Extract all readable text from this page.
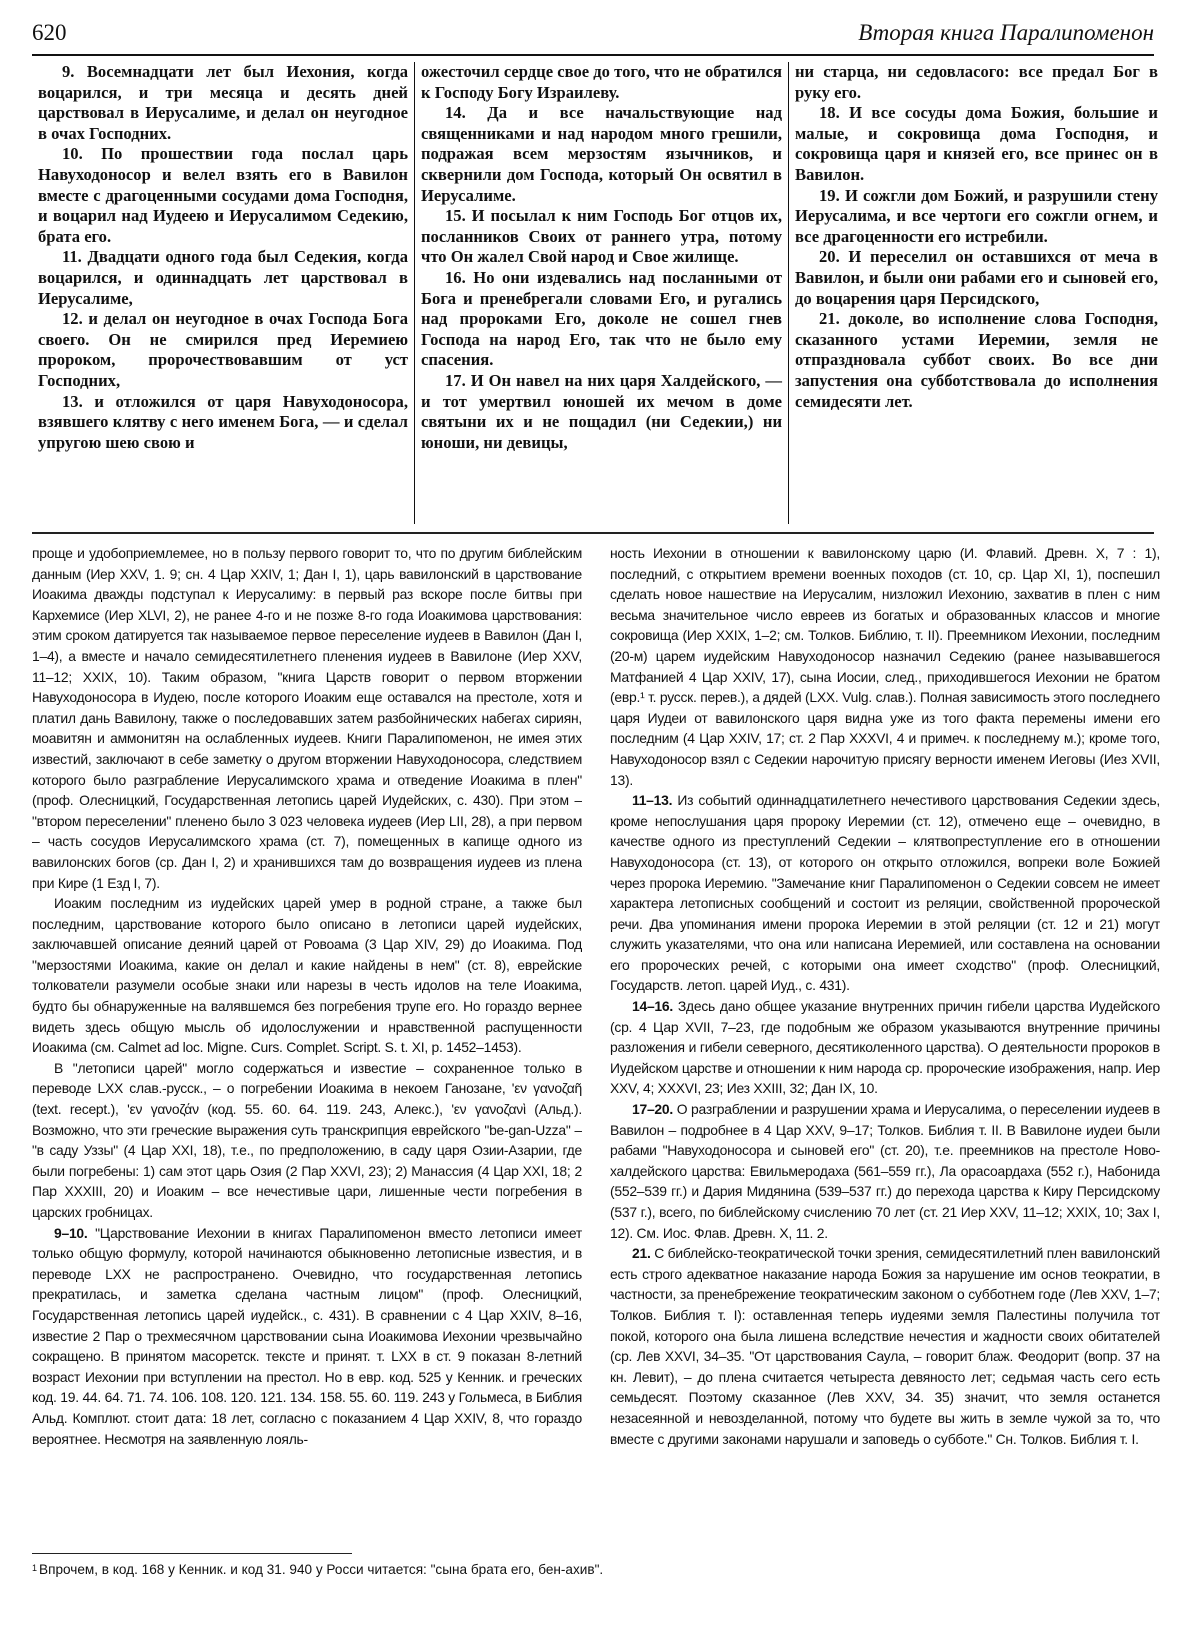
620	Вторая книга Паралипоменон

9. Восемнадцати лет был Иехония, когда воцарился, и три месяца и десять дней царствовал в Иерусалиме, и делал он неугодное в очах Господних.

10. По прошествии года послал царь Навуходоносор и велел взять его в Вавилон вместе с драгоценными сосудами дома Господня, и воцарил над Иудеею и Иерусалимом Седекию, брата его.

11. Двадцати одного года был Седекия, когда воцарился, и одиннадцать лет царствовал в Иерусалиме,

12. и делал он неугодное в очах Господа Бога своего. Он не смирился пред Иеремиею пророком, пророчествовавшим от уст Господних,

13. и отложился от царя Навуходоносора, взявшего клятву с него именем Бога, — и сделал упругою шею свою и

ожесточил сердце свое до того, что не обратился к Господу Богу Израилеву.

14. Да и все начальствующие над священниками и над народом много грешили, подражая всем мерзостям язычников, и сквернили дом Господа, который Он освятил в Иерусалиме.

15. И посылал к ним Господь Бог отцов их, посланников Своих от раннего утра, потому что Он жалел Свой народ и Свое жилище.

16. Но они издевались над посланными от Бога и пренебрегали словами Его, и ругались над пророками Его, доколе не сошел гнев Господа на народ Его, так что не было ему спасения.

17. И Он навел на них царя Халдейского, — и тот умертвил юношей их мечом в доме святыни их и не пощадил (ни Седекии,) ни юноши, ни девицы,

ни старца, ни седовласого: все предал Бог в руку его.

18. И все сосуды дома Божия, большие и малые, и сокровища дома Господня, и сокровища царя и князей его, все принес он в Вавилон.

19. И сожгли дом Божий, и разрушили стену Иерусалима, и все чертоги его сожгли огнем, и все драгоценности его истребили.

20. И переселил он оставшихся от меча в Вавилон, и были они рабами его и сыновей его, до воцарения царя Персидского,

21. доколе, во исполнение слова Господня, сказанного устами Иеремии, земля не отпраздновала суббот своих. Во все дни запустения она субботствовала до исполнения семидесяти лет.

проще и удобоприемлемее, но в пользу первого говорит то, что по другим библейским данным (Иер XXV, 1. 9; сн. 4 Цар XXIV, 1; Дан I, 1), царь вавилонский в царствование Иоакима дважды подступал к Иерусалиму: в первый раз вскоре после битвы при Кархемисе (Иер XLVI, 2), не ранее 4-го и не позже 8-го года Иоакимова царствования: этим сроком датируется так называемое первое переселение иудеев в Вавилон (Дан I, 1–4), а вместе и начало семидесятилетнего пленения иудеев в Вавилоне (Иер XXV, 11–12; XXIX, 10). Таким образом, "книга Царств говорит о первом вторжении Навуходоносора в Иудею, после которого Иоаким еще оставался на престоле, хотя и платил дань Вавилону, также о последовавших затем разбойнических набегах сириян, моавитян и аммонитян на ослабленных иудеев. Книги Паралипоменон, не имея этих известий, заключают в себе заметку о другом вторжении Навуходоносора, следствием которого было разграбление Иерусалимского храма и отведение Иоакима в плен" (проф. Олесницкий, Государственная летопись царей Иудейских, с. 430). При этом – "втором переселении" пленено было 3 023 человека иудеев (Иер LII, 28), а при первом – часть сосудов Иерусалимского храма (ст. 7), помещенных в капище одного из вавилонских богов (ср. Дан I, 2) и хранившихся там до возвращения иудеев из плена при Кире (1 Езд I, 7).

Иоаким последним из иудейских царей умер в родной стране, а также был последним, царствование которого было описано в летописи царей иудейских, заключавшей описание деяний царей от Ровоама (3 Цар XIV, 29) до Иоакима. Под "мерзостями Иоакима, какие он делал и какие найдены в нем" (ст. 8), еврейские толкователи разумели особые знаки или нарезы в честь идолов на теле Иоакима, будто бы обнаруженные на валявшемся без погребения трупе его. Но гораздо вернее видеть здесь общую мысль об идолослужении и нравственной распущенности Иоакима (см. Calmet ad loc. Migne. Curs. Complet. Script. S. t. XI, p. 1452–1453).

В "летописи царей" могло содержаться и известие – сохраненное только в переводе LXX слав.-русск., – о погребении Иоакима в некоем Ганозане, 'εν γανοζαῆ (text. recept.), 'εν γανοζάν (код. 55. 60. 64. 119. 243, Алекс.), 'εν γανοζανὶ (Альд.). Возможно, что эти греческие выражения суть транскрипция еврейского "be-gan-Uzza" – "в саду Уззы" (4 Цар XXI, 18), т.е., по предположению, в саду царя Озии-Азарии, где были погребены: 1) сам этот царь Озия (2 Пар XXVI, 23); 2) Манассия (4 Цар XXI, 18; 2 Пар XXXIII, 20) и Иоаким – все нечестивые цари, лишенные чести погребения в царских гробницах.

9–10. "Царствование Иехонии в книгах Паралипоменон вместо летописи имеет только общую формулу, которой начинаются обыкновенно летописные известия, и в переводе LXX не распространено. Очевидно, что государственная летопись прекратилась, и заметка сделана частным лицом" (проф. Олесницкий, Государственная летопись царей иудейск., с. 431). В сравнении с 4 Цар XXIV, 8–16, известие 2 Пар о трехмесячном царствовании сына Иоакимова Иехонии чрезвычайно сокращено. В принятом масоретск. тексте и принят. т. LXX в ст. 9 показан 8-летний возраст Иехонии при вступлении на престол. Но в евр. код. 525 у Кенник. и греческих код. 19. 44. 64. 71. 74. 106. 108. 120. 121. 134. 158. 55. 60. 119. 243 у Гольмеса, в Библия Альд. Комплют. стоит дата: 18 лет, согласно с показанием 4 Цар XXIV, 8, что гораздо вероятнее. Несмотря на заявленную лояль-

ность Иехонии в отношении к вавилонскому царю (И. Флавий. Древн. X, 7 : 1), последний, с открытием времени военных походов (ст. 10, ср. Цар XI, 1), поспешил сделать новое нашествие на Иерусалим, низложил Иехонию, захватив в плен с ним весьма значительное число евреев из богатых и образованных классов и многие сокровища (Иер XXIX, 1–2; см. Толков. Библию, т. II). Преемником Иехонии, последним (20-м) царем иудейским Навуходоносор назначил Седекию (ранее называвшегося Матфанией 4 Цар XXIV, 17), сына Иосии, след., приходившегося Иехонии не братом (евр.¹ т. русск. перев.), а дядей (LXX. Vulg. слав.). Полная зависимость этого последнего царя Иудеи от вавилонского царя видна уже из того факта перемены имени его последним (4 Цар XXIV, 17; ст. 2 Пар XXXVI, 4 и примеч. к последнему м.); кроме того, Навуходоносор взял с Седекии нарочитую присягу верности именем Иеговы (Иез XVII, 13).

11–13. Из событий одиннадцатилетнего нечестивого царствования Седекии здесь, кроме непослушания царя пророку Иеремии (ст. 12), отмечено еще – очевидно, в качестве одного из преступлений Седекии – клятвопреступление его в отношении Навуходоносора (ст. 13), от которого он открыто отложился, вопреки воле Божией через пророка Иеремию. "Замечание книг Паралипоменон о Седекии совсем не имеет характера летописных сообщений и состоит из реляции, свойственной пророческой речи. Два упоминания имени пророка Иеремии в этой реляции (ст. 12 и 21) могут служить указателями, что она или написана Иеремией, или составлена на основании его пророческих речей, с которыми она имеет сходство" (проф. Олесницкий, Государств. летоп. царей Иуд., с. 431).

14–16. Здесь дано общее указание внутренних причин гибели царства Иудейского (ср. 4 Цар XVII, 7–23, где подобным же образом указываются внутренние причины разложения и гибели северного, десятиколенного царства). О деятельности пророков в Иудейском царстве и отношении к ним народа ср. пророческие изображения, напр. Иер XXV, 4; XXXVI, 23; Иез XXIII, 32; Дан IX, 10.

17–20. О разграблении и разрушении храма и Иерусалима, о переселении иудеев в Вавилон – подробнее в 4 Цар XXV, 9–17; Толков. Библия т. II. В Вавилоне иудеи были рабами "Навуходоносора и сыновей его" (ст. 20), т.е. преемников на престоле Ново-халдейского царства: Евильмеродаха (561–559 гг.), Ла орасоардаха (552 г.), Набонида (552–539 гг.) и Дария Мидянина (539–537 гг.) до перехода царства к Киру Персидскому (537 г.), всего, по библейскому счислению 70 лет (ст. 21 Иер XXV, 11–12; XXIX, 10; Зах I, 12). См. Иос. Флав. Древн. X, 11. 2.

21. С библейско-теократической точки зрения, семидесятилетний плен вавилонский есть строго адекватное наказание народа Божия за нарушение им основ теократии, в частности, за пренебрежение теократическим законом о субботнем годе (Лев XXV, 1–7; Толков. Библия т. I): оставленная теперь иудеями земля Палестины получила тот покой, которого она была лишена вследствие нечестия и жадности своих обитателей (ср. Лев XXVI, 34–35. "От царствования Саула, – говорит блаж. Феодорит (вопр. 37 на кн. Левит), – до плена считается четыреста девяносто лет; седьмая часть сего есть семьдесят. Поэтому сказанное (Лев XXV, 34. 35) значит, что земля останется незасеянной и невозделанной, потому что будете вы жить в земле чужой за то, что вместе с другими законами нарушали и заповедь о субботе." Сн. Толков. Библия т. I.

$^1$ Впрочем, в код. 168 у Кенник. и код 31. 940 у Росси читается: "сына брата его, бен-ахив".
